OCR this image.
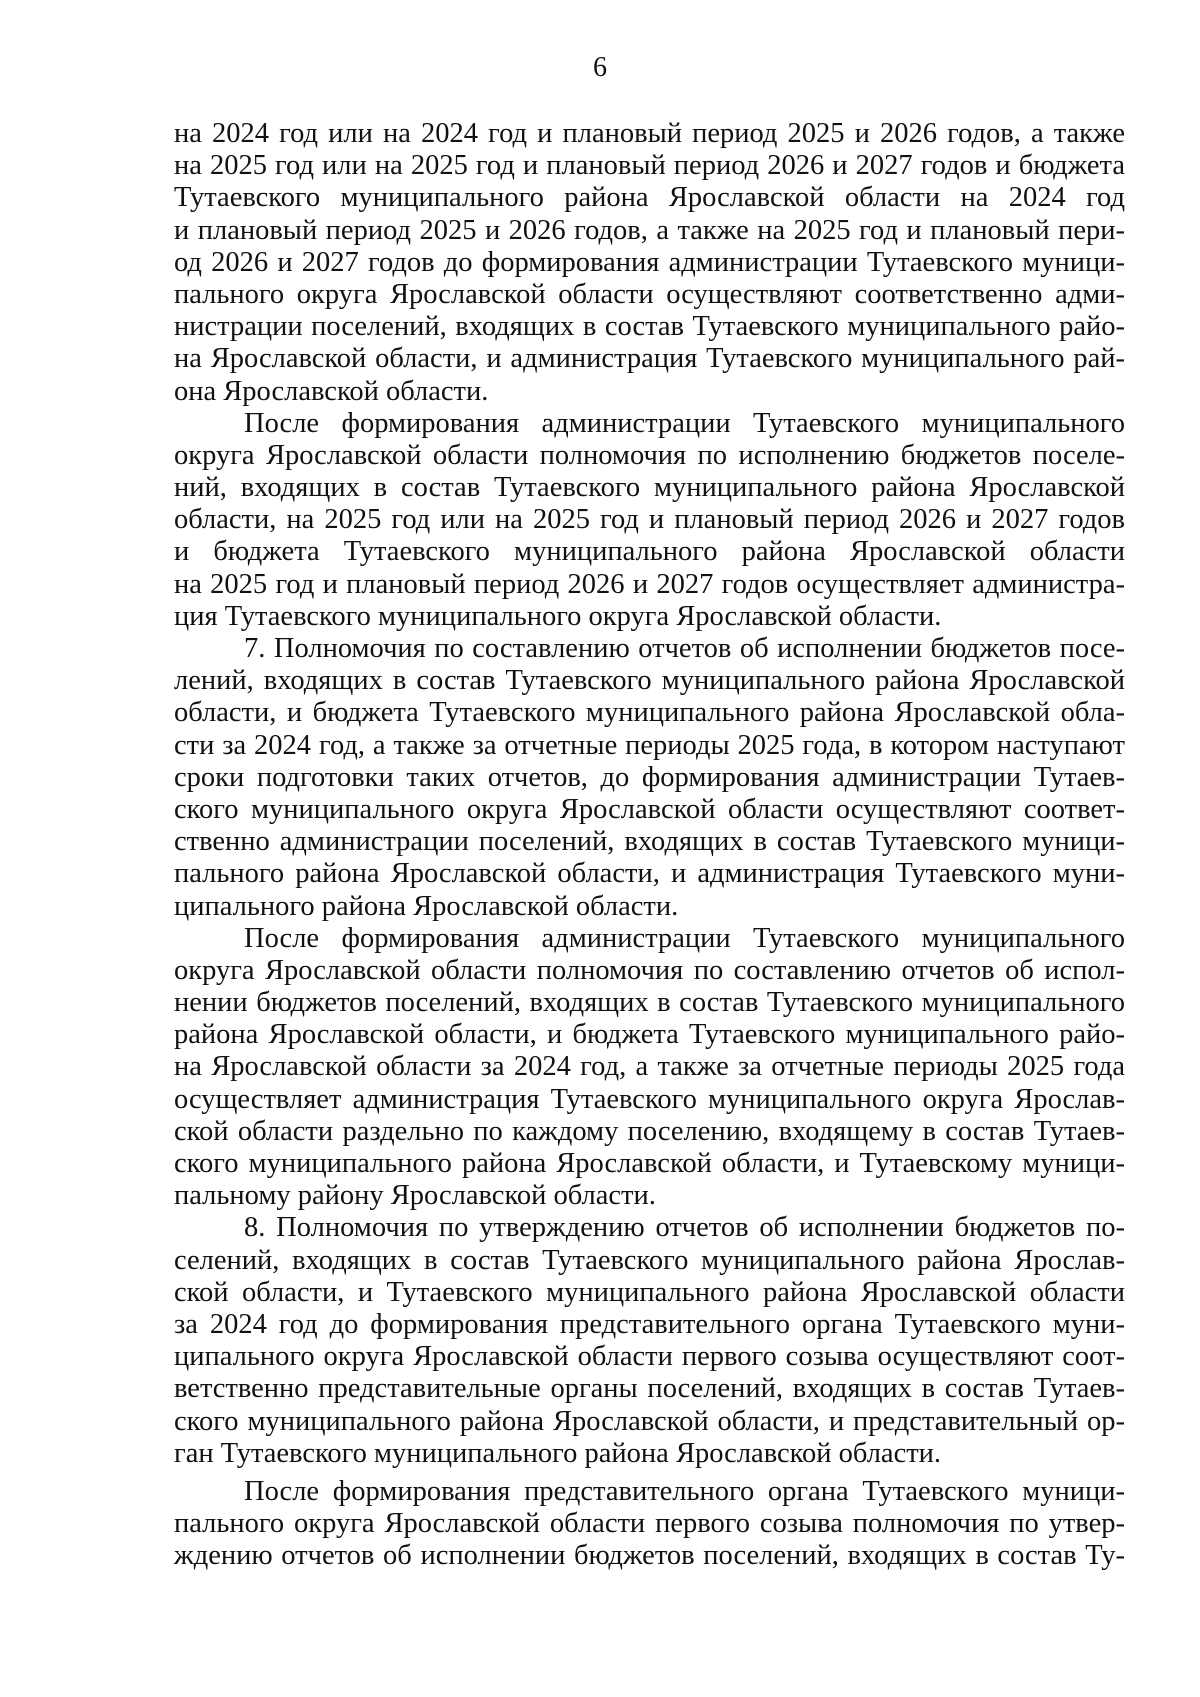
6
на 2024 год или на 2024 год и плановый период 2025 и 2026 годов, а также
на 2025 год или на 2025 год и плановый период 2026 и 2027 годов и бюджета
Тутаевского муниципального района Ярославской области на 2024 год
и плановый период 2025 и 2026 годов, а также на 2025 год и плановый пери-
од 2026 и 2027 годов до формирования администрации Тутаевского муници-
пального округа Ярославской области осуществляют соответственно адми-
нистрации поселений, входящих в состав Тутаевского муниципального райо-
на Ярославской области, и администрация Тутаевского муниципального рай-
она Ярославской области.
После формирования администрации Тутаевского муниципального
округа Ярославской области полномочия по исполнению бюджетов поселе-
ний, входящих в состав Тутаевского муниципального района Ярославской
области, на 2025 год или на 2025 год и плановый период 2026 и 2027 годов
и бюджета Тутаевского муниципального района Ярославской области
на 2025 год и плановый период 2026 и 2027 годов осуществляет администра-
ция Тутаевского муниципального округа Ярославской области.
7. Полномочия по составлению отчетов об исполнении бюджетов посе-
лений, входящих в состав Тутаевского муниципального района Ярославской
области, и бюджета Тутаевского муниципального района Ярославской обла-
сти за 2024 год, а также за отчетные периоды 2025 года, в котором наступают
сроки подготовки таких отчетов, до формирования администрации Тутаев-
ского муниципального округа Ярославской области осуществляют соответ-
ственно администрации поселений, входящих в состав Тутаевского муници-
пального района Ярославской области, и администрация Тутаевского муни-
ципального района Ярославской области.
После формирования администрации Тутаевского муниципального
округа Ярославской области полномочия по составлению отчетов об испол-
нении бюджетов поселений, входящих в состав Тутаевского муниципального
района Ярославской области, и бюджета Тутаевского муниципального райо-
на Ярославской области за 2024 год, а также за отчетные периоды 2025 года
осуществляет администрация Тутаевского муниципального округа Ярослав-
ской области раздельно по каждому поселению, входящему в состав Тутаев-
ского муниципального района Ярославской области, и Тутаевскому муници-
пальному району Ярославской области.
8. Полномочия по утверждению отчетов об исполнении бюджетов по-
селений, входящих в состав Тутаевского муниципального района Ярослав-
ской области, и Тутаевского муниципального района Ярославской области
за 2024 год до формирования представительного органа Тутаевского муни-
ципального округа Ярославской области первого созыва осуществляют соот-
ветственно представительные органы поселений, входящих в состав Тутаев-
ского муниципального района Ярославской области, и представительный ор-
ган Тутаевского муниципального района Ярославской области.
После формирования представительного органа Тутаевского муници-
пального округа Ярославской области первого созыва полномочия по утвер-
ждению отчетов об исполнении бюджетов поселений, входящих в состав Ту-
